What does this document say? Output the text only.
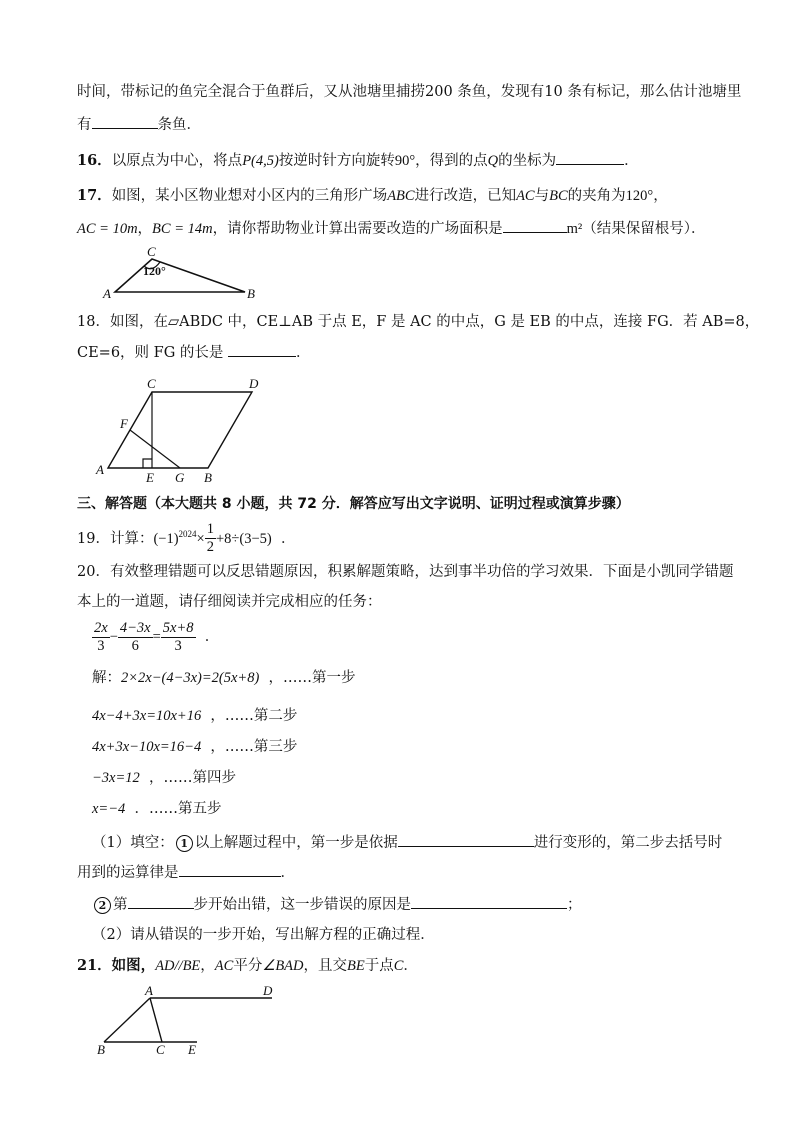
时间，带标记的鱼完全混合于鱼群后，又从池塘里捕捞200 条鱼，发现有10 条有标记，那么估计池塘里
有	条鱼．
16．以原点为中心，将点P(4,5)按逆时针方向旋转90°，得到的点Q的坐标为	．
17．如图，某小区物业想对小区内的三角形广场ABC进行改造，已知AC与BC的夹角为120°，
AC = 10m，BC = 14m，请你帮助物业计算出需要改造的广场面积是	m²（结果保留根号）．
C
A	B
120°
18．如图，在▱ABDC 中，CE⊥AB 于点 E，F 是 AC 的中点，G 是 EB 的中点，连接 FG．若 AB=8，
CE=6，则 FG 的长是	．
C	D
F
A
E G B
三、解答题（本大题共 8 小题，共 72 分．解答应写出文字说明、证明过程或演算步骤）
19．计算：$(-1)^{2024}\times \frac{1}{2} +8\div(3-5)$ ．
20．有效整理错题可以反思错题原因，积累解题策略，达到事半功倍的学习效果．下面是小凯同学错题
本上的一道题，请仔细阅读并完成相应的任务：
$\frac{2x}{3} - \frac{4-3x}{6} = \frac{5x+8}{3}$ ．
解：2×2x−(4−3x)=2(5x+8) ，……第一步
4x−4+3x=10x+16 ，……第二步
4x+3x−10x=16−4 ，……第三步
−3x=12 ，……第四步
x=−4 ．……第五步
（1）填空： 1 以上解题过程中，第一步是依据	进行变形的，第二步去括号时
用到的运算律是	．
2 第	步开始出错，这一步错误的原因是	；
（2）请从错误的一步开始，写出解方程的正确过程．
21．如图，AD//BE，AC平分∠BAD，且交BE于点C．
A	D
B	C E
